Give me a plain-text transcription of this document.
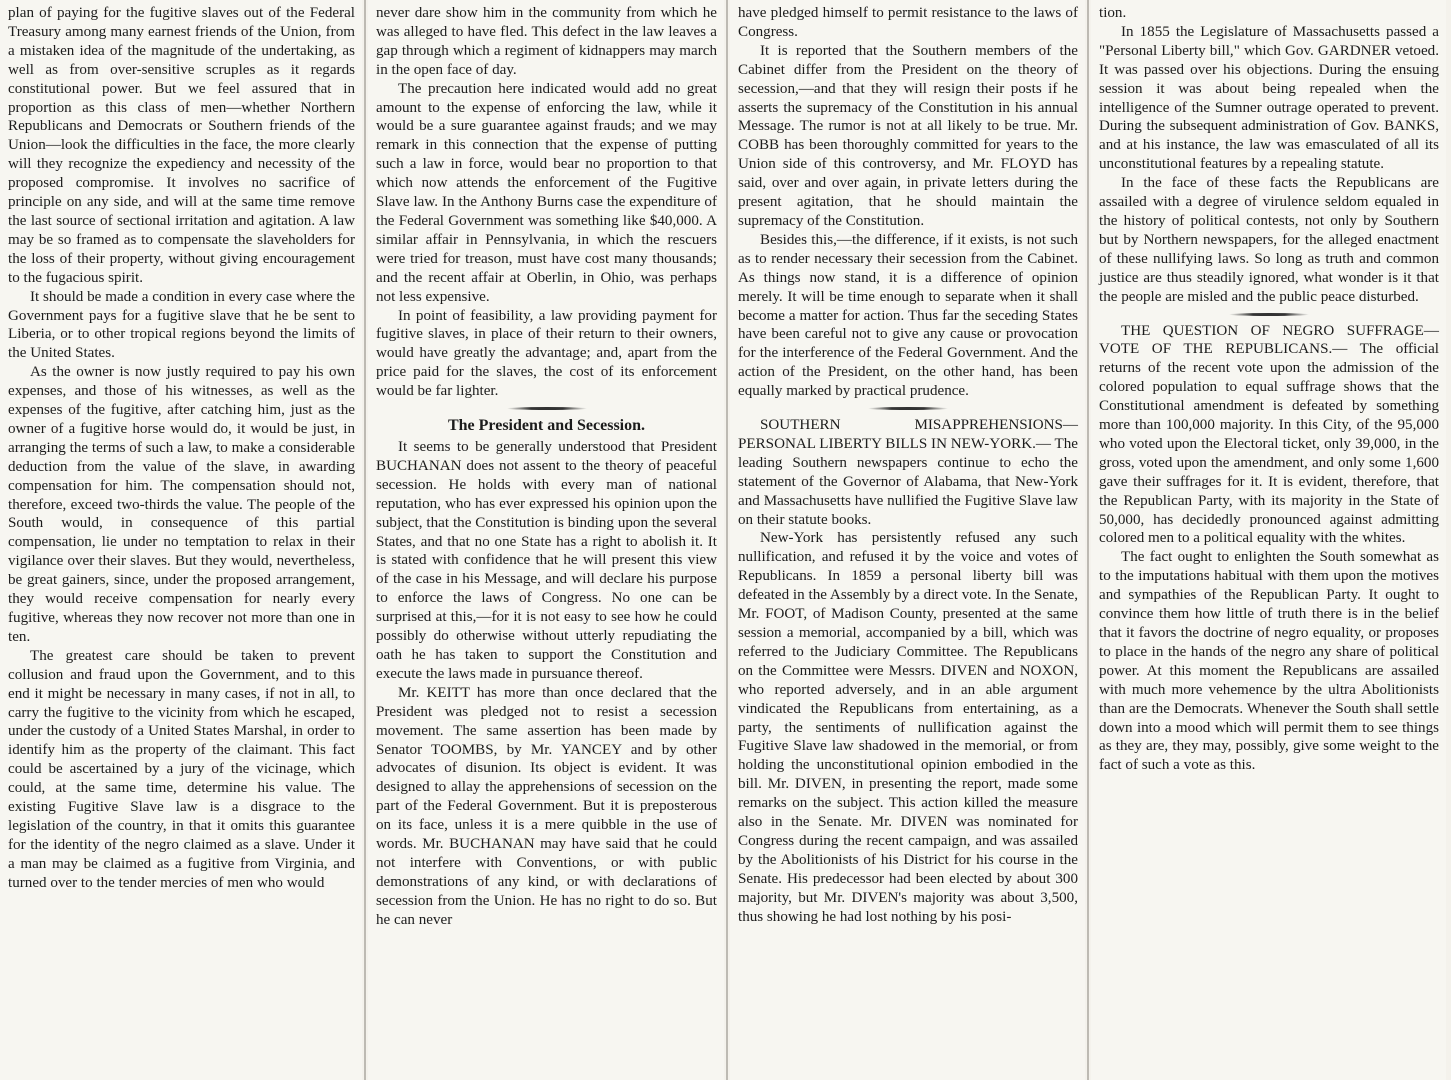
plan of paying for the fugitive slaves out of the Federal Treasury among many earnest friends of the Union, from a mistaken idea of the magnitude of the undertaking, as well as from over-sensitive scruples as it regards constitutional power. But we feel assured that in proportion as this class of men—whether Northern Republicans and Democrats or Southern friends of the Union—look the difficulties in the face, the more clearly will they recognize the expediency and necessity of the proposed compromise. It involves no sacrifice of principle on any side, and will at the same time remove the last source of sectional irritation and agitation. A law may be so framed as to compensate the slaveholders for the loss of their property, without giving encouragement to the fugacious spirit.

It should be made a condition in every case where the Government pays for a fugitive slave that he be sent to Liberia, or to other tropical regions beyond the limits of the United States.

As the owner is now justly required to pay his own expenses, and those of his witnesses, as well as the expenses of the fugitive, after catching him, just as the owner of a fugitive horse would do, it would be just, in arranging the terms of such a law, to make a considerable deduction from the value of the slave, in awarding compensation for him. The compensation should not, therefore, exceed two-thirds the value. The people of the South would, in consequence of this partial compensation, lie under no temptation to relax in their vigilance over their slaves. But they would, nevertheless, be great gainers, since, under the proposed arrangement, they would receive compensation for nearly every fugitive, whereas they now recover not more than one in ten.

The greatest care should be taken to prevent collusion and fraud upon the Government, and to this end it might be necessary in many cases, if not in all, to carry the fugitive to the vicinity from which he escaped, under the custody of a United States Marshal, in order to identify him as the property of the claimant. This fact could be ascertained by a jury of the vicinage, which could, at the same time, determine his value. The existing Fugitive Slave law is a disgrace to the legislation of the country, in that it omits this guarantee for the identity of the negro claimed as a slave. Under it a man may be claimed as a fugitive from Virginia, and turned over to the tender mercies of men who would

never dare show him in the community from which he was alleged to have fled. This defect in the law leaves a gap through which a regiment of kidnappers may march in the open face of day.

The precaution here indicated would add no great amount to the expense of enforcing the law, while it would be a sure guarantee against frauds; and we may remark in this connection that the expense of putting such a law in force, would bear no proportion to that which now attends the enforcement of the Fugitive Slave law. In the Anthony Burns case the expenditure of the Federal Government was something like $40,000. A similar affair in Pennsylvania, in which the rescuers were tried for treason, must have cost many thousands; and the recent affair at Oberlin, in Ohio, was perhaps not less expensive.

In point of feasibility, a law providing payment for fugitive slaves, in place of their return to their owners, would have greatly the advantage; and, apart from the price paid for the slaves, the cost of its enforcement would be far lighter.

The President and Secession.

It seems to be generally understood that President BUCHANAN does not assent to the theory of peaceful secession. He holds with every man of national reputation, who has ever expressed his opinion upon the subject, that the Constitution is binding upon the several States, and that no one State has a right to abolish it. It is stated with confidence that he will present this view of the case in his Message, and will declare his purpose to enforce the laws of Congress. No one can be surprised at this,—for it is not easy to see how he could possibly do otherwise without utterly repudiating the oath he has taken to support the Constitution and execute the laws made in pursuance thereof.

Mr. KEITT has more than once declared that the President was pledged not to resist a secession movement. The same assertion has been made by Senator TOOMBS, by Mr. YANCEY and by other advocates of disunion. Its object is evident. It was designed to allay the apprehensions of secession on the part of the Federal Government. But it is preposterous on its face, unless it is a mere quibble in the use of words. Mr. BUCHANAN may have said that he could not interfere with Conventions, or with public demonstrations of any kind, or with declarations of secession from the Union. He has no right to do so. But he can never

have pledged himself to permit resistance to the laws of Congress.

It is reported that the Southern members of the Cabinet differ from the President on the theory of secession,—and that they will resign their posts if he asserts the supremacy of the Constitution in his annual Message. The rumor is not at all likely to be true. Mr. COBB has been thoroughly committed for years to the Union side of this controversy, and Mr. FLOYD has said, over and over again, in private letters during the present agitation, that he should maintain the supremacy of the Constitution.

Besides this,—the difference, if it exists, is not such as to render necessary their secession from the Cabinet. As things now stand, it is a difference of opinion merely. It will be time enough to separate when it shall become a matter for action. Thus far the seceding States have been careful not to give any cause or provocation for the interference of the Federal Government. And the action of the President, on the other hand, has been equally marked by practical prudence.

SOUTHERN MISAPPREHENSIONS—PERSONAL LIBERTY BILLS IN NEW-YORK.— The leading Southern newspapers continue to echo the statement of the Governor of Alabama, that New-York and Massachusetts have nullified the Fugitive Slave law on their statute books.

New-York has persistently refused any such nullification, and refused it by the voice and votes of Republicans. In 1859 a personal liberty bill was defeated in the Assembly by a direct vote. In the Senate, Mr. FOOT, of Madison County, presented at the same session a memorial, accompanied by a bill, which was referred to the Judiciary Committee. The Republicans on the Committee were Messrs. DIVEN and NOXON, who reported adversely, and in an able argument vindicated the Republicans from entertaining, as a party, the sentiments of nullification against the Fugitive Slave law shadowed in the memorial, or from holding the unconstitutional opinion embodied in the bill. Mr. DIVEN, in presenting the report, made some remarks on the subject. This action killed the measure also in the Senate. Mr. DIVEN was nominated for Congress during the recent campaign, and was assailed by the Abolitionists of his District for his course in the Senate. His predecessor had been elected by about 300 majority, but Mr. DIVEN's majority was about 3,500, thus showing he had lost nothing by his posi-

tion.

In 1855 the Legislature of Massachusetts passed a "Personal Liberty bill," which Gov. GARDNER vetoed. It was passed over his objections. During the ensuing session it was about being repealed when the intelligence of the Sumner outrage operated to prevent. During the subsequent administration of Gov. BANKS, and at his instance, the law was emasculated of all its unconstitutional features by a repealing statute.

In the face of these facts the Republicans are assailed with a degree of virulence seldom equaled in the history of political contests, not only by Southern but by Northern newspapers, for the alleged enactment of these nullifying laws. So long as truth and common justice are thus steadily ignored, what wonder is it that the people are misled and the public peace disturbed.

THE QUESTION OF NEGRO SUFFRAGE—VOTE OF THE REPUBLICANS.— The official returns of the recent vote upon the admission of the colored population to equal suffrage shows that the Constitutional amendment is defeated by something more than 100,000 majority. In this City, of the 95,000 who voted upon the Electoral ticket, only 39,000, in the gross, voted upon the amendment, and only some 1,600 gave their suffrages for it. It is evident, therefore, that the Republican Party, with its majority in the State of 50,000, has decidedly pronounced against admitting colored men to a political equality with the whites.

The fact ought to enlighten the South somewhat as to the imputations habitual with them upon the motives and sympathies of the Republican Party. It ought to convince them how little of truth there is in the belief that it favors the doctrine of negro equality, or proposes to place in the hands of the negro any share of political power. At this moment the Republicans are assailed with much more vehemence by the ultra Abolitionists than are the Democrats. Whenever the South shall settle down into a mood which will permit them to see things as they are, they may, possibly, give some weight to the fact of such a vote as this.
